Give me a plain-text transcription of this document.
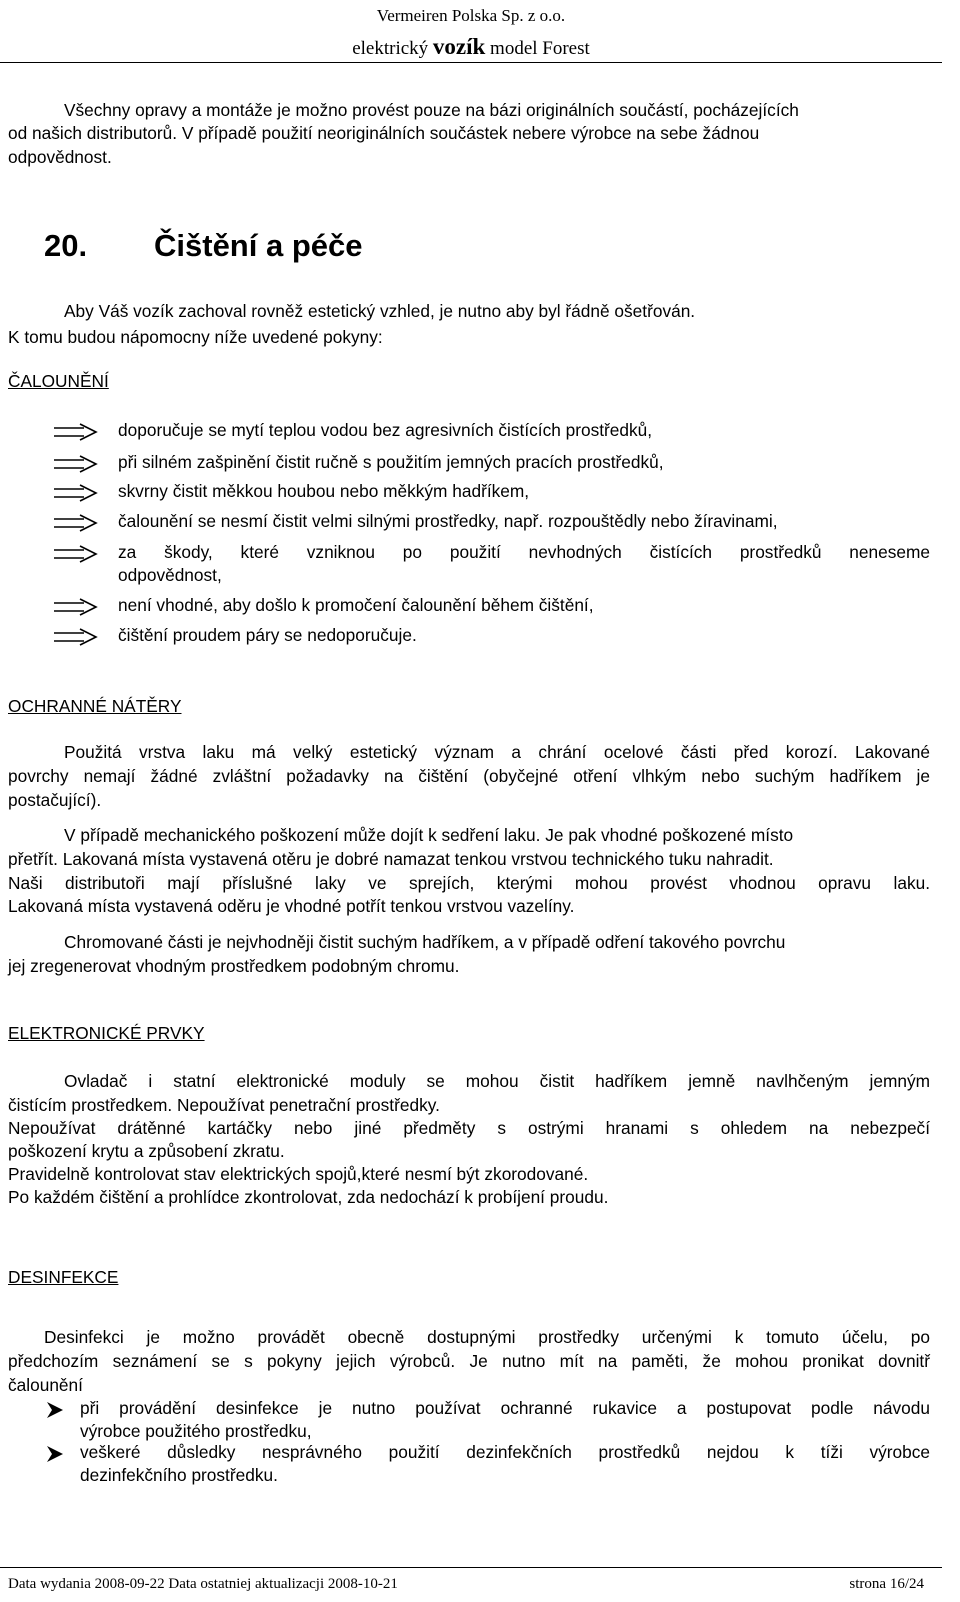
Vermeiren Polska Sp. z o.o.
elektrický vozík model Forest

Všechny opravy a montáže je možno provést pouze na bázi originálních součástí, pocházejících

od našich distributorů. V případě použití neoriginálních součástek nebere výrobce na sebe žádnou

odpovědnost.

20. Čištění a péče

Aby Váš vozík zachoval rovněž estetický vzhled, je nutno aby byl řádně ošetřován.

K tomu budou nápomocny níže uvedené pokyny:

ČALOUNĚNÍ

doporučuje se mytí teplou vodou bez agresivních čistících prostředků,

při silném zašpinění čistit ručně s použitím jemných pracích prostředků,

skvrny čistit měkkou houbou nebo měkkým hadříkem,

čalounění se nesmí čistit velmi silnými prostředky, např. rozpouštědly nebo žíravinami,

za škody, které vzniknou po použití nevhodných čistících prostředků neneseme

odpovědnost,

není vhodné, aby došlo k promočení čalounění během čištění,

čištění proudem páry se nedoporučuje.

OCHRANNÉ NÁTĚRY

Použitá vrstva laku má velký estetický význam a chrání ocelové části před korozí. Lakované

povrchy nemají žádné zvláštní požadavky na čištění (obyčejné otření vlhkým nebo suchým hadříkem je

postačující).

V případě mechanického poškození může dojít k sedření laku. Je pak vhodné poškozené místo

přetřít. Lakovaná místa vystavená otěru je dobré namazat tenkou vrstvou technického tuku nahradit.

Naši distributoři mají příslušné laky ve sprejích, kterými mohou provést vhodnou opravu laku.

Lakovaná místa vystavená oděru je vhodné potřít tenkou vrstvou vazelíny.

Chromované části je nejvhodněji čistit suchým hadříkem, a v případě odření takového povrchu

jej zregenerovat vhodným prostředkem podobným chromu.

ELEKTRONICKÉ PRVKY

Ovladač i statní elektronické moduly se mohou čistit hadříkem jemně navlhčeným jemným

čistícím prostředkem. Nepoužívat penetrační prostředky.

Nepoužívat drátěnné kartáčky nebo jiné předměty s ostrými hranami s ohledem na nebezpečí

poškození krytu a způsobení zkratu.

Pravidelně kontrolovat stav elektrických spojů,které nesmí být zkorodované.

Po každém čištění a prohlídce zkontrolovat, zda nedochází k probíjení proudu.

DESINFEKCE

Desinfekci je možno provádět obecně dostupnými prostředky určenými k tomuto účelu, po

předchozím seznámení se s pokyny jejich výrobců. Je nutno mít na paměti, že mohou pronikat dovnitř

čalounění

při provádění desinfekce je nutno používat ochranné rukavice a postupovat podle návodu

výrobce použitého prostředku,

veškeré důsledky nesprávného použití dezinfekčních prostředků nejdou k tíži výrobce

dezinfekčního prostředku.

Data wydania 2008-09-22 Data ostatniej aktualizacji 2008-10-21	strona 16/24
